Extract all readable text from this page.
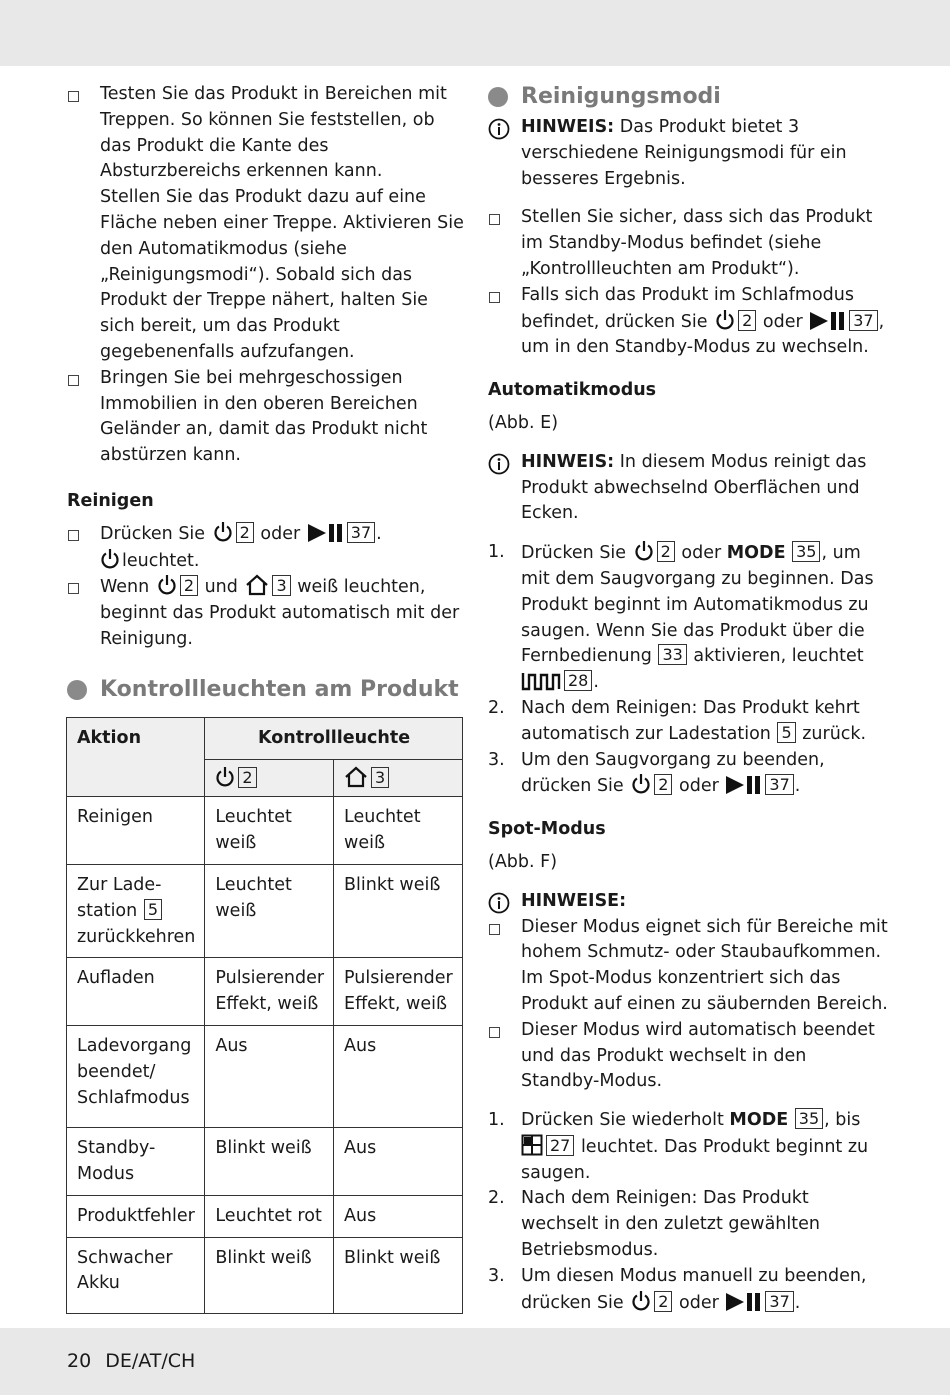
Testen Sie das Produkt in Bereichen mit Treppen. So können Sie feststellen, ob das Produkt die Kante des Absturzbereichs erkennen kann.
Stellen Sie das Produkt dazu auf eine Fläche neben einer Treppe. Aktivieren Sie den Automatikmodus (siehe „Reinigungsmodi“). Sobald sich das Produkt der Treppe nähert, halten Sie sich bereit, um das Produkt gegebenenfalls aufzufangen.
Bringen Sie bei mehrgeschossigen Immobilien in den oberen Bereichen Geländer an, damit das Produkt nicht abstürzen kann.
Reinigen
Drücken Sie 2 oder	37 .
leuchtet.
Wenn 2 und 3 weiß leuchten, beginnt das Produkt automatisch mit der Reinigung.
Kontrollleuchten am Produkt
Aktion	Kontrollleuchte	
	2	3
Reinigen	Leuchtet weiß	Leuchtet weiß
Zur Lade-station 5 zurückkehren	Leuchtet weiß	Blinkt weiß
Aufladen	Pulsierender Effekt, weiß	Pulsierender Effekt, weiß
Ladevorgang beendet/ Schlafmodus	Aus	Aus
Standby-Modus	Blinkt weiß	Aus
Produktfehler	Leuchtet rot	Aus
Schwacher Akku	Blinkt weiß	Blinkt weiß
Reinigungsmodi
HINWEIS: Das Produkt bietet 3 verschiedene Reinigungsmodi für ein besseres Ergebnis.
Stellen Sie sicher, dass sich das Produkt im Standby-Modus befindet (siehe „Kontrollleuchten am Produkt“).
Falls sich das Produkt im Schlafmodus befindet, drücken Sie 2 oder	37 , um in den Standby-Modus zu wechseln.
Automatikmodus
(Abb. E)
HINWEIS: In diesem Modus reinigt das Produkt abwechselnd Oberflächen und Ecken.
1. Drücken Sie 2 oder MODE 35 , um mit dem Saugvorgang zu beginnen. Das Produkt beginnt im Automatikmodus zu saugen. Wenn Sie das Produkt über die Fernbedienung 33 aktivieren, leuchtet
28 .
2. Nach dem Reinigen: Das Produkt kehrt automatisch zur Ladestation 5 zurück.
3. Um den Saugvorgang zu beenden, drücken Sie 2 oder	37 .
Spot-Modus
(Abb. F)
HINWEISE:
Dieser Modus eignet sich für Bereiche mit hohem Schmutz- oder Staubaufkommen. Im Spot-Modus konzentriert sich das Produkt auf einen zu säubernden Bereich.
Dieser Modus wird automatisch beendet und das Produkt wechselt in den Standby-Modus.
1. Drücken Sie wiederholt MODE 35 , bis
27 leuchtet. Das Produkt beginnt zu saugen.
2. Nach dem Reinigen: Das Produkt wechselt in den zuletzt gewählten Betriebsmodus.
3. Um diesen Modus manuell zu beenden, drücken Sie 2 oder	37 .
20 DE/AT/CH
